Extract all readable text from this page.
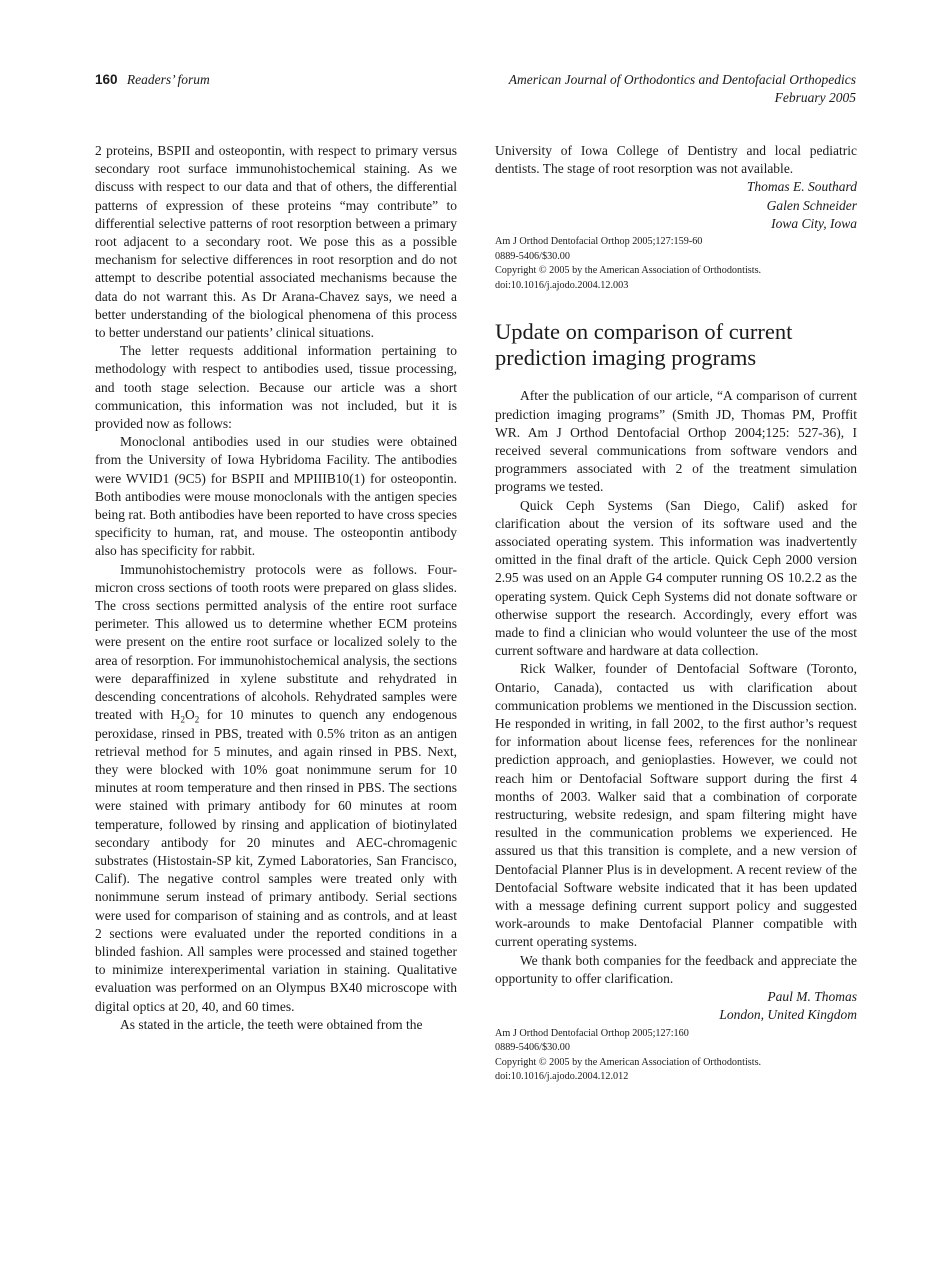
160 Readers’ forum	American Journal of Orthodontics and Dentofacial Orthopedics
February 2005

2 proteins, BSPII and osteopontin, with respect to primary versus secondary root surface immunohistochemical staining. As we discuss with respect to our data and that of others, the differential patterns of expression of these proteins “may contribute” to differential selective patterns of root resorption between a primary root adjacent to a secondary root. We pose this as a possible mechanism for selective differences in root resorption and do not attempt to describe potential associated mechanisms because the data do not warrant this. As Dr Arana-Chavez says, we need a better understanding of the biological phenomena of this process to better understand our patients’ clinical situations.

The letter requests additional information pertaining to methodology with respect to antibodies used, tissue processing, and tooth stage selection. Because our article was a short communication, this information was not included, but it is provided now as follows:

Monoclonal antibodies used in our studies were obtained from the University of Iowa Hybridoma Facility. The antibodies were WVID1 (9C5) for BSPII and MPIIIB10(1) for osteopontin. Both antibodies were mouse monoclonals with the antigen species being rat. Both antibodies have been reported to have cross species specificity to human, rat, and mouse. The osteopontin antibody also has specificity for rabbit.

Immunohistochemistry protocols were as follows. Four-micron cross sections of tooth roots were prepared on glass slides. The cross sections permitted analysis of the entire root surface perimeter. This allowed us to determine whether ECM proteins were present on the entire root surface or localized solely to the area of resorption. For immunohistochemical analysis, the sections were deparaffinized in xylene substitute and rehydrated in descending concentrations of alcohols. Rehydrated samples were treated with $H_2O_2$ for 10 minutes to quench any endogenous peroxidase, rinsed in PBS, treated with 0.5% triton as an antigen retrieval method for 5 minutes, and again rinsed in PBS. Next, they were blocked with 10% goat nonimmune serum for 10 minutes at room temperature and then rinsed in PBS. The sections were stained with primary antibody for 60 minutes at room temperature, followed by rinsing and application of biotinylated secondary antibody for 20 minutes and AEC-chromagenic substrates (Histostain-SP kit, Zymed Laboratories, San Francisco, Calif). The negative control samples were treated only with nonimmune serum instead of primary antibody. Serial sections were used for comparison of staining and as controls, and at least 2 sections were evaluated under the reported conditions in a blinded fashion. All samples were processed and stained together to minimize interexperimental variation in staining. Qualitative evaluation was performed on an Olympus BX40 microscope with digital optics at 20, 40, and 60 times.

As stated in the article, the teeth were obtained from the

University of Iowa College of Dentistry and local pediatric dentists. The stage of root resorption was not available.

Thomas E. Southard
Galen Schneider
Iowa City, Iowa
Am J Orthod Dentofacial Orthop 2005;127:159-60
0889-5406/$30.00
Copyright © 2005 by the American Association of Orthodontists.
doi:10.1016/j.ajodo.2004.12.003
Update on comparison of current prediction imaging programs

After the publication of our article, “A comparison of current prediction imaging programs” (Smith JD, Thomas PM, Proffit WR. Am J Orthod Dentofacial Orthop 2004;125: 527-36), I received several communications from software vendors and programmers associated with 2 of the treatment simulation programs we tested.

Quick Ceph Systems (San Diego, Calif) asked for clarification about the version of its software used and the associated operating system. This information was inadvertently omitted in the final draft of the article. Quick Ceph 2000 version 2.95 was used on an Apple G4 computer running OS 10.2.2 as the operating system. Quick Ceph Systems did not donate software or otherwise support the research. Accordingly, every effort was made to find a clinician who would volunteer the use of the most current software and hardware at data collection.

Rick Walker, founder of Dentofacial Software (Toronto, Ontario, Canada), contacted us with clarification about communication problems we mentioned in the Discussion section. He responded in writing, in fall 2002, to the first author’s request for information about license fees, references for the nonlinear prediction approach, and genioplasties. However, we could not reach him or Dentofacial Software support during the first 4 months of 2003. Walker said that a combination of corporate restructuring, website redesign, and spam filtering might have resulted in the communication problems we experienced. He assured us that this transition is complete, and a new version of Dentofacial Planner Plus is in development. A recent review of the Dentofacial Software website indicated that it has been updated with a message defining current support policy and suggested work-arounds to make Dentofacial Planner compatible with current operating systems.

We thank both companies for the feedback and appreciate the opportunity to offer clarification.

Paul M. Thomas
London, United Kingdom
Am J Orthod Dentofacial Orthop 2005;127:160
0889-5406/$30.00
Copyright © 2005 by the American Association of Orthodontists.
doi:10.1016/j.ajodo.2004.12.012
